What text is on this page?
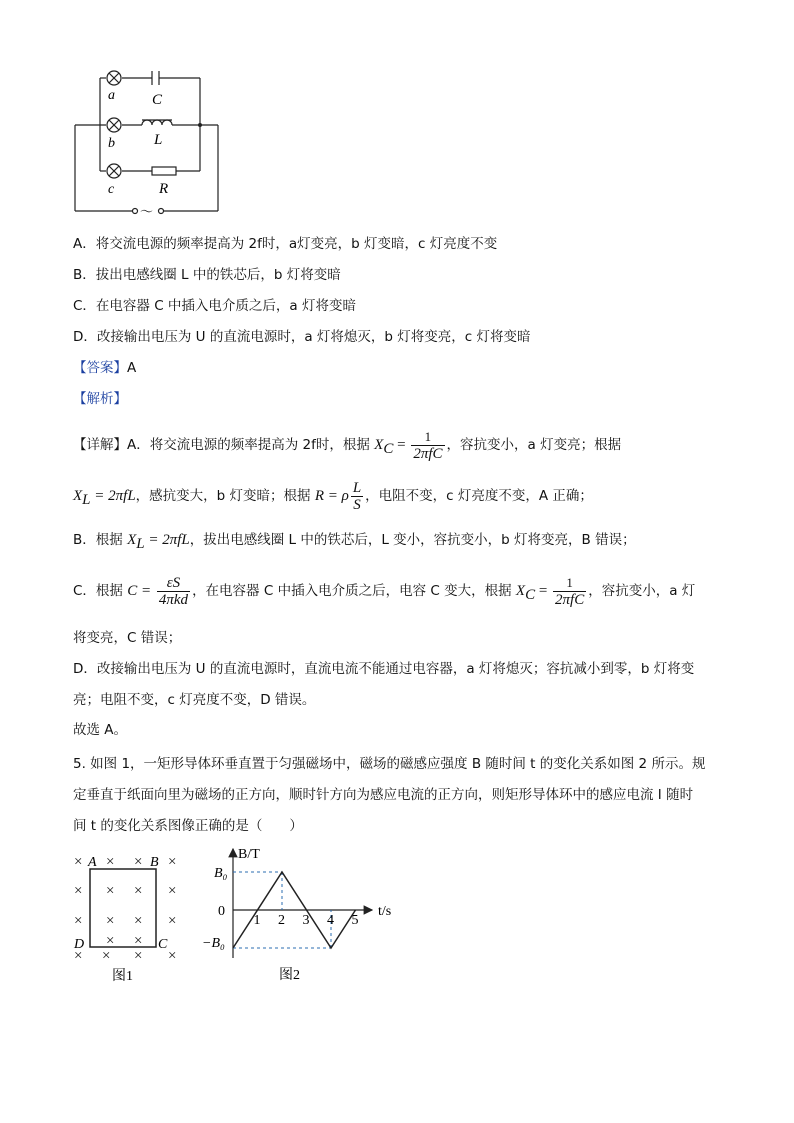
a
b
c
C
L
R
～
A．将交流电源的频率提高为 2f时，a灯变亮，b 灯变暗，c 灯亮度不变
B．拔出电感线圈 L 中的铁芯后，b 灯将变暗
C．在电容器 C 中插入电介质之后，a 灯将变暗
D．改接输出电压为 U 的直流电源时，a 灯将熄灭，b 灯将变亮，c 灯将变暗
【答案】A
【解析】
【详解】A．将交流电源的频率提高为 2f时，根据 $X_C = \frac{1}{\text{2πfC}}$ ，容抗变小，a 灯变亮；根据
$X_L = 2\pi fL$，感抗变大，b 灯变暗；根据 R = ρ $\frac{L}{S}$ ，电阻不变，c 灯亮度不变，A 正确；
B．根据 $X_L = 2\pi fL$，拔出电感线圈 L 中的铁芯后，L 变小，容抗变小，b 灯将变亮，B 错误；
C．根据 $C = \frac{\varepsilon S}{\text{4πkd}}$ ，在电容器 C 中插入电介质之后，电容 C 变大，根据 $X_C = \frac{1}{\text{2πfC}}$ ，容抗变小，a 灯
将变亮，C 错误；
D．改接输出电压为 U 的直流电源时，直流电流不能通过电容器，a 灯将熄灭；容抗减小到零，b 灯将变
亮；电阻不变，c 灯亮度不变，D 错误。
故选 A。
5. 如图 1，一矩形导体环垂直置于匀强磁场中，磁场的磁感应强度 B 随时间 t 的变化关系如图 2 所示。规
定垂直于纸面向里为磁场的正方向，顺时针方向为感应电流的正方向，则矩形导体环中的感应电流 I 随时
间 t 的变化关系图像正确的是（　　）
× × × ×
× × × ×
× × × ×
× ×
× × × ×
A	B
C
D
图1
B/T
t/s
0
B₀
−B₀
1 2 3 4 5
图2
